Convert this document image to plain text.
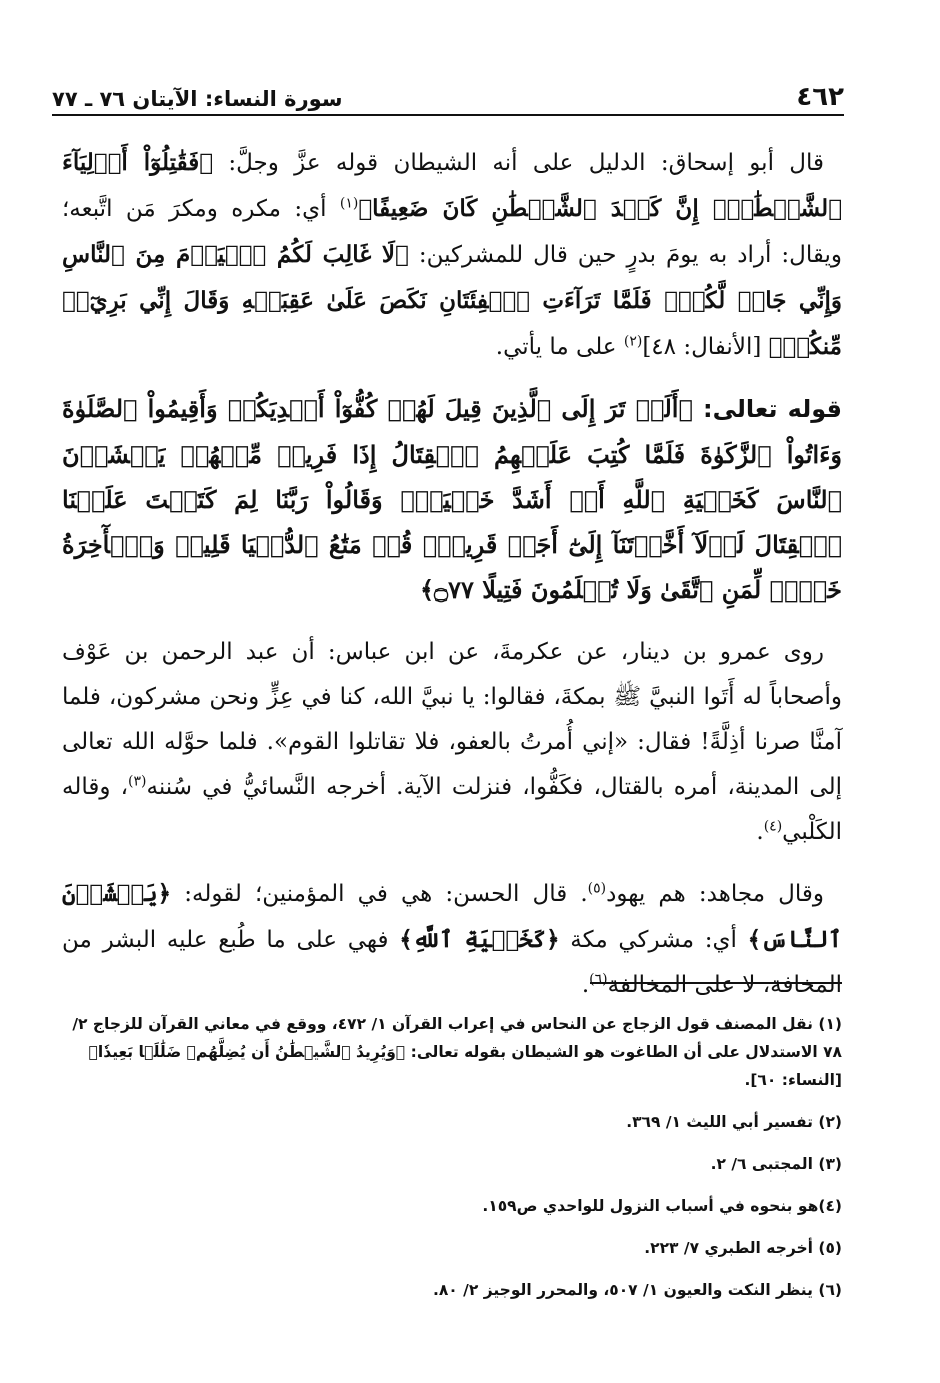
٤٦٢
سورة النساء: الآيتان ٧٦ ـ ٧٧

قال أبو إسحاق: الدليل على أنه الشيطان قوله عزَّ وجلَّ: ﴿فَقَٰتِلُوٓاْ أَوۡلِيَآءَ ٱلشَّيۡطَٰنِۖ إِنَّ كَيۡدَ ٱلشَّيۡطَٰنِ كَانَ ضَعِيفًا﴾$^{(١)}$ أي: مكره ومكرَ مَن اتَّبعه؛ ويقال: أراد به يومَ بدرٍ حين قال للمشركين: ﴿لَا غَالِبَ لَكُمُ ٱلۡيَوۡمَ مِنَ ٱلنَّاسِ وَإِنِّي جَارٞ لَّكُمۡۖ فَلَمَّا تَرَآءَتِ ٱلۡفِئَتَانِ نَكَصَ عَلَىٰ عَقِبَيۡهِ وَقَالَ إِنِّي بَرِيٓءٞ مِّنكُمۡ﴾ [الأنفال: ٤٨]$^{(٢)}$ على ما يأتي.

قوله تعالى: ﴿أَلَمۡ تَرَ إِلَى ٱلَّذِينَ قِيلَ لَهُمۡ كُفُّوٓاْ أَيۡدِيَكُمۡ وَأَقِيمُواْ ٱلصَّلَوٰةَ وَءَاتُواْ ٱلزَّكَوٰةَ فَلَمَّا كُتِبَ عَلَيۡهِمُ ٱلۡقِتَالُ إِذَا فَرِيقٞ مِّنۡهُمۡ يَخۡشَوۡنَ ٱلنَّاسَ كَخَشۡيَةِ ٱللَّهِ أَوۡ أَشَدَّ خَشۡيَةٗۚ وَقَالُواْ رَبَّنَا لِمَ كَتَبۡتَ عَلَيۡنَا ٱلۡقِتَالَ لَوۡلَآ أَخَّرۡتَنَآ إِلَىٰٓ أَجَلٖ قَرِيبٖۗ قُلۡ مَتَٰعُ ٱلدُّنۡيَا قَلِيلٞ وَٱلۡأٓخِرَةُ خَيۡرٞ لِّمَنِ ٱتَّقَىٰ وَلَا تُظۡلَمُونَ فَتِيلًا ۝٧٧﴾

روى عمرو بن دينار، عن عكرمةَ، عن ابن عباس: أن عبد الرحمن بن عَوْف وأصحاباً له أَتَوا النبيَّ ﷺ بمكةَ، فقالوا: يا نبيَّ الله، كنا في عِزٍّ ونحن مشركون، فلما آمنَّا صرنا أذِلَّةً! فقال: «إني أُمرتُ بالعفو، فلا تقاتلوا القوم». فلما حوَّله الله تعالى إلى المدينة، أمره بالقتال، فكَفُّوا، فنزلت الآية. أخرجه النَّسائيُّ في سُننه$^{(٣)}$، وقاله الكَلْبي$^{(٤)}$.

وقال مجاهد: هم يهود$^{(٥)}$. قال الحسن: هي في المؤمنين؛ لقوله: ﴿يَخۡشَوۡنَ ٱلنَّاسَ﴾ أي: مشركي مكة ﴿كَخَشۡيَةِ ٱللَّهِ﴾ فهي على ما طُبع عليه البشر من المخافة، لا على المخالفة$^{(٦)}$.

(١) نقل المصنف قول الزجاج عن النحاس في إعراب القرآن ١/ ٤٧٢، ووقع في معاني القرآن للزجاج ٢/ ٧٨ الاستدلال على أن الطاغوت هو الشيطان بقوله تعالى: ﴿وَيُرِيدُ ٱلشَّيۡطَٰنُ أَن يُضِلَّهُمۡ ضَلَٰلَۢا بَعِيدٗا﴾ [النساء: ٦٠].
(٢) تفسير أبي الليث ١/ ٣٦٩.
(٣) المجتبى ٦/ ٢.
(٤)هو بنحوه في أسباب النزول للواحدي ص١٥٩.
(٥) أخرجه الطبري ٧/ ٢٢٣.
(٦) ينظر النكت والعيون ١/ ٥٠٧، والمحرر الوجيز ٢/ ٨٠.
